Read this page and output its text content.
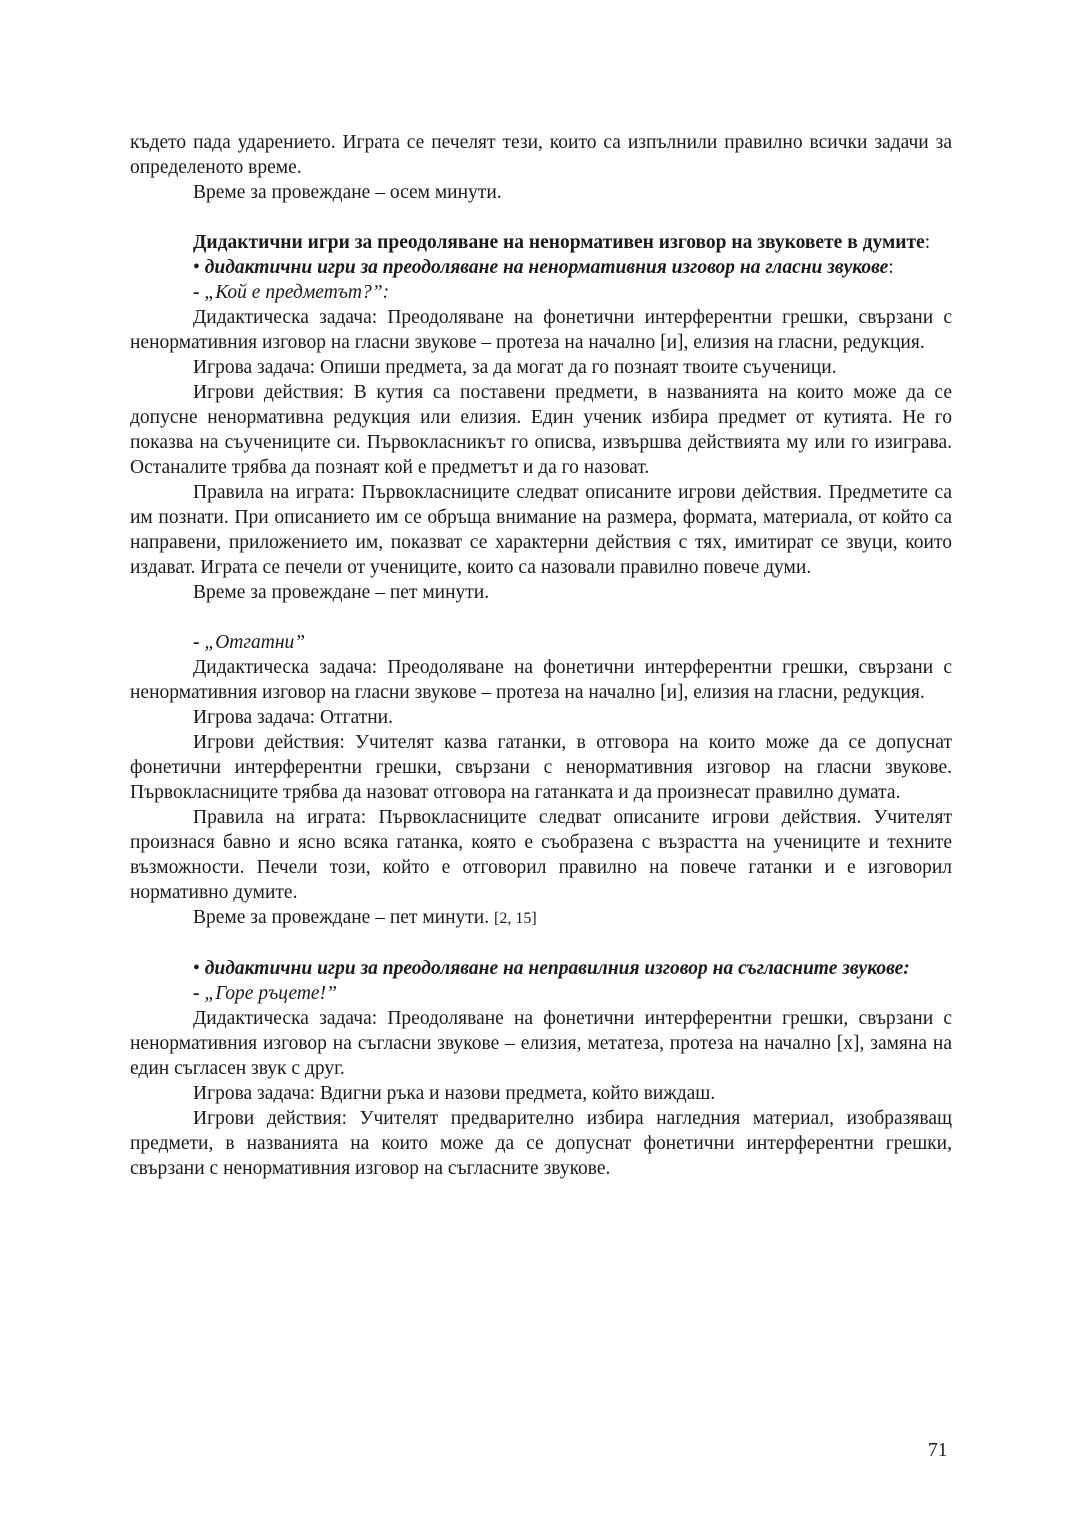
където пада ударението. Играта се печелят тези, които са изпълнили правилно всички задачи за определеното време.

Време за провеждане – осем минути.

Дидактични игри за преодоляване на ненормативен изговор на звуковете в думите:

• дидактични игри за преодоляване на ненормативния изговор на гласни звукове:

- „Кой е предметът?”:

Дидактическа задача: Преодоляване на фонетични интерферентни грешки, свързани с ненормативния изговор на гласни звукове – протеза на начално [и], елизия на гласни, редукция.

Игрова задача: Опиши предмета, за да могат да го познаят твоите съученици.

Игрови действия: В кутия са поставени предмети, в названията на които може да се допусне ненормативна редукция или елизия. Един ученик избира предмет от кутията. Не го показва на съучениците си. Първокласникът го описва, извършва действията му или го изиграва. Останалите трябва да познаят кой е предметът и да го назоват.

Правила на играта: Първокласниците следват описаните игрови действия. Предметите са им познати. При описанието им се обръща внимание на размера, формата, материала, от който са направени, приложението им, показват се характерни действия с тях, имитират се звуци, които издават. Играта се печели от учениците, които са назовали правилно повече думи.

Време за провеждане – пет минути.

- „Отгатни”

Дидактическа задача: Преодоляване на фонетични интерферентни грешки, свързани с ненормативния изговор на гласни звукове – протеза на начално [и], елизия на гласни, редукция.

Игрова задача: Отгатни.

Игрови действия: Учителят казва гатанки, в отговора на които може да се допуснат фонетични интерферентни грешки, свързани с ненормативния изговор на гласни звукове. Първокласниците трябва да назоват отговора на гатанката и да произнесат правилно думата.

Правила на играта: Първокласниците следват описаните игрови действия. Учителят произнася бавно и ясно всяка гатанка, която е съобразена с възрастта на учениците и техните възможности. Печели този, който е отговорил правилно на повече гатанки и е изговорил нормативно думите.

Време за провеждане – пет минути. [2, 15]

• дидактични игри за преодоляване на неправилния изговор на съгласните звукове:

- „Горе ръцете!”

Дидактическа задача: Преодоляване на фонетични интерферентни грешки, свързани с ненормативния изговор на съгласни звукове – елизия, метатеза, протеза на начално [х], замяна на един съгласен звук с друг.

Игрова задача: Вдигни ръка и назови предмета, който виждаш.

Игрови действия: Учителят предварително избира нагледния материал, изобразяващ предмети, в названията на които може да се допуснат фонетични интерферентни грешки, свързани с ненормативния изговор на съгласните звукове.

71
